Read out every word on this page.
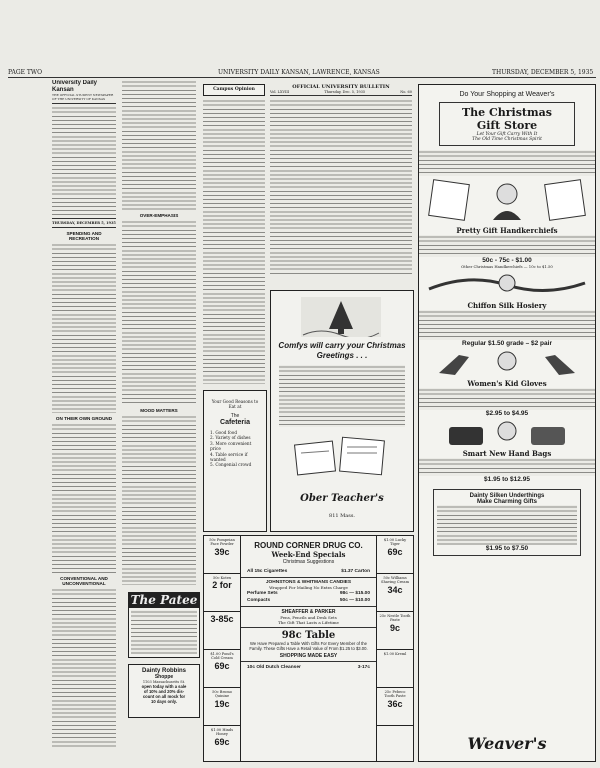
PAGE TWO	UNIVERSITY DAILY KANSAN, LAWRENCE, KANSAS	THURSDAY, DECEMBER 5, 1935
University Daily Kansan
THE OFFICIAL STUDENT NEWSPAPER OF THE UNIVERSITY OF KANSAS
THURSDAY, DECEMBER 5, 1935
SPENDING AND RECREATION
ON THEIR OWN GROUND
CONVENTIONAL AND UNCONVENTIONAL
OVER-EMPHASIS
MOOD MATTERS
The Patee
Dainty Robbins
Shoppe
1103 Massachusetts St.
open today with a sale
of 10% and 20% dis-
count on all mock for
10 days only.
Campus Opinion
Your Good Reasons to Eat at
The
Cafeteria
1. Good food
2. Variety of dishes
3. More convenient price
4. Table service if wanted
5. Congenial crowd
OFFICIAL UNIVERSITY BULLETIN
Vol. LXVIII	Thursday, Dec. 5, 1935	No. 60
Comfys will carry your Christmas Greetings . . .
Ober Teacher's
811 Mass.
50c Pompeian Face Powder
39c
50c Kotex
2 for
3-85c
$1.00 Pond's Cold Cream
69c
50c Bromo Quinine
19c
$1.00 Hinds Honey
69c
$1.00 Lucky Tiger
69c
50c Williams Shaving Cream
34c
25c Nestle Tooth Paste
9c
$1.00 Kreml
25c Pebeco Tooth Paste
36c
ROUND CORNER DRUG CO.
Week-End Specials
Christmas Suggestions
All 15c Cigarettes	$1.37 Carton
JOHNSTONS & WHITMANS CANDIES
Wrapped For Mailing No Extra Charge
Perfume Sets	98c — $15.00
Compacts	50c — $10.00
SHEAFFER & PARKER
Pens, Pencils and Desk Sets
The Gift That Lasts a Lifetime
98c Table
We Have Prepared a Table With Gifts For Every Member of the Family. These Gifts Have a Retail Value of From $1.25 to $3.00.
SHOPPING MADE EASY
10c Old Dutch Cleanser	3-17c
Do Your Shopping at Weaver's
The Christmas
Gift Store
Let Your Gift Carry With It
The Old Time Christmas Spirit
Pretty Gift Handkerchiefs
50c - 75c - $1.00
Other Christmas Handkerchiefs — 10c to $1.50
Chiffon Silk Hosiery
Regular $1.50 grade – $2 pair
Women's Kid Gloves
$2.95 to $4.95
Smart New Hand Bags
$1.95 to $12.95
Dainty Silken Underthings
Make Charming Gifts
$1.95 to $7.50
Weaver's
